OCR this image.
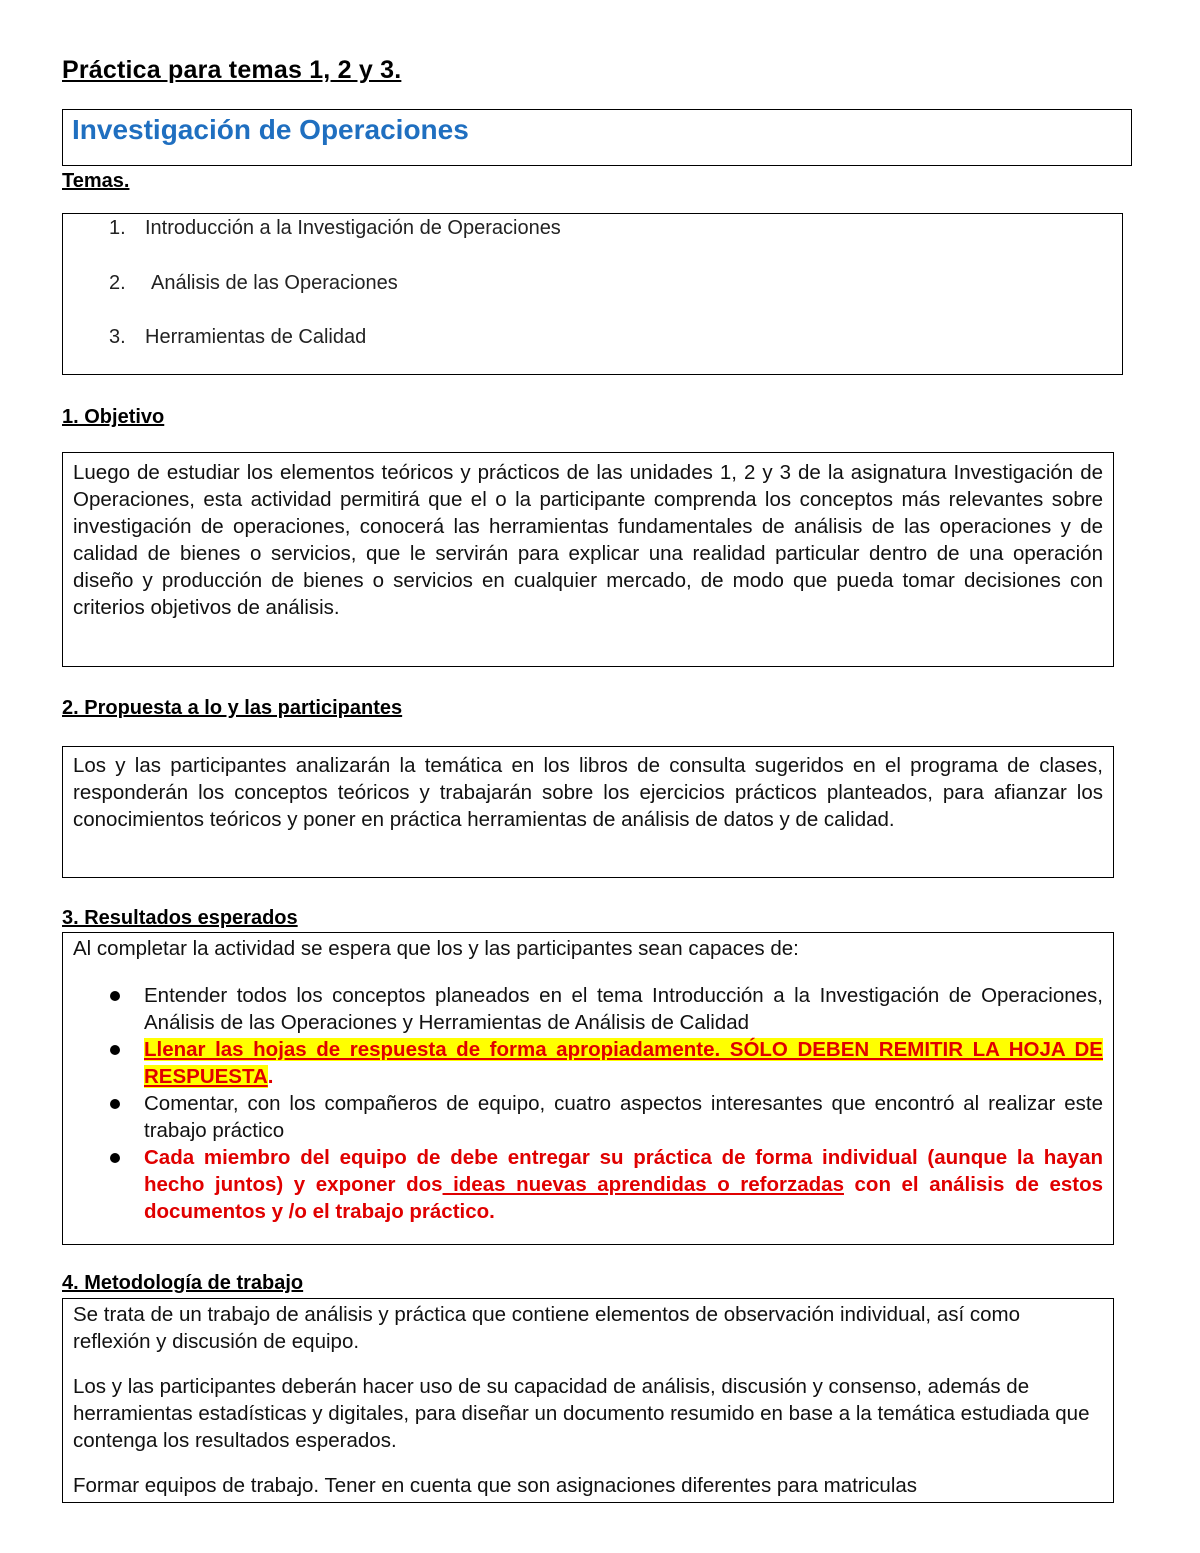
Práctica para temas 1, 2 y 3.
Investigación de Operaciones
Temas.
1. Introducción a la Investigación de Operaciones
2. Análisis de las Operaciones
3. Herramientas de Calidad
1. Objetivo
Luego de estudiar los elementos teóricos y prácticos de las unidades 1, 2 y 3 de la asignatura Investigación de Operaciones, esta actividad permitirá que el o la participante comprenda los conceptos más relevantes sobre investigación de operaciones, conocerá las herramientas fundamentales de análisis de las operaciones y de calidad de bienes o servicios, que le servirán para explicar una realidad particular dentro de una operación diseño y producción de bienes o servicios en cualquier mercado, de modo que pueda tomar decisiones con criterios objetivos de análisis.
2. Propuesta a lo y las participantes
Los y las participantes analizarán la temática en los libros de consulta sugeridos en el programa de clases, responderán los conceptos teóricos y trabajarán sobre los ejercicios prácticos planteados, para afianzar los conocimientos teóricos y poner en práctica herramientas de análisis de datos y de calidad.
3. Resultados esperados
Al completar la actividad se espera que los y las participantes sean capaces de:
Entender todos los conceptos planeados en el tema Introducción a la Investigación de Operaciones, Análisis de las Operaciones y Herramientas de Análisis de Calidad
Llenar las hojas de respuesta de forma apropiadamente. SÓLO DEBEN REMITIR LA HOJA DE RESPUESTA.
Comentar, con los compañeros de equipo, cuatro aspectos interesantes que encontró al realizar este trabajo práctico
Cada miembro del equipo de debe entregar su práctica de forma individual (aunque la hayan hecho juntos) y exponer dos ideas nuevas aprendidas o reforzadas con el análisis de estos documentos y /o el trabajo práctico.
4. Metodología de trabajo
Se trata de un trabajo de análisis y práctica que contiene elementos de observación individual, así como reflexión y discusión de equipo.
Los y las participantes deberán hacer uso de su capacidad de análisis, discusión y consenso, además de herramientas estadísticas y digitales, para diseñar un documento resumido en base a la temática estudiada que contenga los resultados esperados.
Formar equipos de trabajo. Tener en cuenta que son asignaciones diferentes para matriculas
